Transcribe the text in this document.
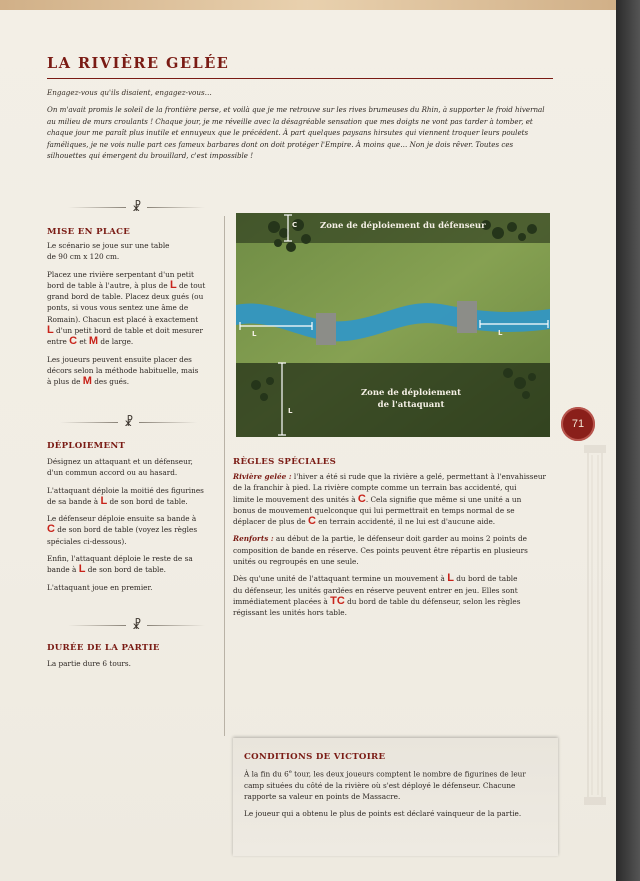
LA RIVIÈRE GELÉE
Engagez-vous qu'ils disaient, engagez-vous…
On m'avait promis le soleil de la frontière perse, et voilà que je me retrouve sur les rives brumeuses du Rhin, à supporter le froid hivernal
au milieu de murs croulants ! Chaque jour, je me réveille avec la désagréable sensation que mes doigts ne vont pas tarder à tomber, et
chaque jour me paraît plus inutile et ennuyeux que le précédent. À part quelques paysans hirsutes qui viennent troquer leurs poulets
faméliques, je ne vois nulle part ces fameux barbares dont on doit protéger l'Empire. À moins que… Non je dois rêver. Toutes ces
silhouettes qui émergent du brouillard, c'est impossible !
☧
MISE EN PLACE
Le scénario se joue sur une table
de 90 cm x 120 cm.
Placez une rivière serpentant d'un petit
bord de table à l'autre, à plus de L de tout
grand bord de table. Placez deux gués (ou
ponts, si vous vous sentez une âme de
Romain). Chacun est placé à exactement
L d'un petit bord de table et doit mesurer
entre C et M de large.
Les joueurs peuvent ensuite placer des
décors selon la méthode habituelle, mais
à plus de M des gués.
☧
DÉPLOIEMENT
Désignez un attaquant et un défenseur,
d'un commun accord ou au hasard.
L'attaquant déploie la moitié des figurines
de sa bande à L de son bord de table.
Le défenseur déploie ensuite sa bande à
C de son bord de table (voyez les règles
spéciales ci-dessous).
Enfin, l'attaquant déploie le reste de sa
bande à L de son bord de table.
L'attaquant joue en premier.
☧
DURÉE DE LA PARTIE
La partie dure 6 tours.
C	Zone de déploiement du défenseur
L	L
Zone de déploiement
de l'attaquant
L
71
RÈGLES SPÉCIALES
Rivière gelée : l'hiver a été si rude que la rivière a gelé, permettant à l'envahisseur
de la franchir à pied. La rivière compte comme un terrain bas accidenté, qui
limite le mouvement des unités à C. Cela signifie que même si une unité a un
bonus de mouvement quelconque qui lui permettrait en temps normal de se
déplacer de plus de C en terrain accidenté, il ne lui est d'aucune aide.
Renforts : au début de la partie, le défenseur doit garder au moins 2 points de
composition de bande en réserve. Ces points peuvent être répartis en plusieurs
unités ou regroupés en une seule.
Dès qu'une unité de l'attaquant termine un mouvement à L du bord de table
du défenseur, les unités gardées en réserve peuvent entrer en jeu. Elles sont
immédiatement placées à TC du bord de table du défenseur, selon les règles
régissant les unités hors table.
CONDITIONS DE VICTOIRE
À la fin du 6e tour, les deux joueurs comptent le nombre de figurines de leur
camp situées du côté de la rivière où s'est déployé le défenseur. Chacune
rapporte sa valeur en points de Massacre.
Le joueur qui a obtenu le plus de points est déclaré vainqueur de la partie.
